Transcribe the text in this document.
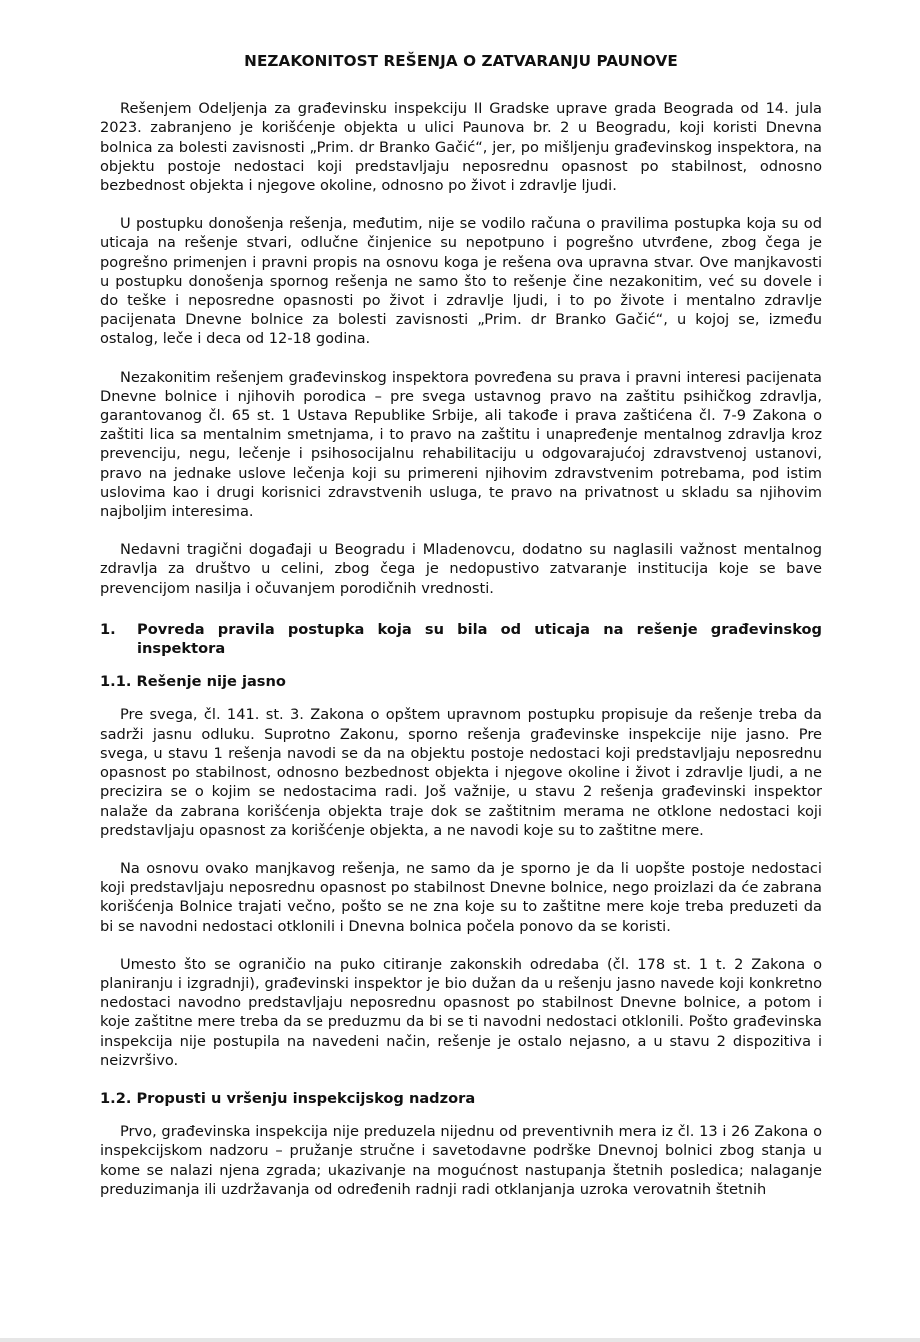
NEZAKONITOST REŠENJA O ZATVARANJU PAUNOVE
Rešenjem Odeljenja za građevinsku inspekciju II Gradske uprave grada Beograda od 14. jula 2023. zabranjeno je korišćenje objekta u ulici Paunova br. 2 u Beogradu, koji koristi Dnevna bolnica za bolesti zavisnosti „Prim. dr Branko Gačić“, jer, po mišljenju građevinskog inspektora, na objektu postoje nedostaci koji predstavljaju neposrednu opasnost po stabilnost, odnosno bezbednost objekta i njegove okoline, odnosno po život i zdravlje ljudi.
U postupku donošenja rešenja, međutim, nije se vodilo računa o pravilima postupka koja su od uticaja na rešenje stvari, odlučne činjenice su nepotpuno i pogrešno utvrđene, zbog čega je pogrešno primenjen i pravni propis na osnovu koga je rešena ova upravna stvar. Ove manjkavosti u postupku donošenja spornog rešenja ne samo što to rešenje čine nezakonitim, već su dovele i do teške i neposredne opasnosti po život i zdravlje ljudi, i to po živote i mentalno zdravlje pacijenata Dnevne bolnice za bolesti zavisnosti „Prim. dr Branko Gačić“, u kojoj se, između ostalog, leče i deca od 12-18 godina.
Nezakonitim rešenjem građevinskog inspektora povređena su prava i pravni interesi pacijenata Dnevne bolnice i njihovih porodica – pre svega ustavnog pravo na zaštitu psihičkog zdravlja, garantovanog čl. 65 st. 1 Ustava Republike Srbije, ali takođe i prava zaštićena čl. 7-9 Zakona o zaštiti lica sa mentalnim smetnjama, i to pravo na zaštitu i unapređenje mentalnog zdravlja kroz prevenciju, negu, lečenje i psihosocijalnu rehabilitaciju u odgovarajućoj zdravstvenoj ustanovi, pravo na jednake uslove lečenja koji su primereni njihovim zdravstvenim potrebama, pod istim uslovima kao i drugi korisnici zdravstvenih usluga, te pravo na privatnost u skladu sa njihovim najboljim interesima.
Nedavni tragični događaji u Beogradu i Mladenovcu, dodatno su naglasili važnost mentalnog zdravlja za društvo u celini, zbog čega je nedopustivo zatvaranje institucija koje se bave prevencijom nasilja i očuvanjem porodičnih vrednosti.
1.	Povreda pravila postupka koja su bila od uticaja na rešenje građevinskog inspektora
1.1. Rešenje nije jasno
Pre svega, čl. 141. st. 3. Zakona o opštem upravnom postupku propisuje da rešenje treba da sadrži jasnu odluku. Suprotno Zakonu, sporno rešenja građevinske inspekcije nije jasno. Pre svega, u stavu 1 rešenja navodi se da na objektu postoje nedostaci koji predstavljaju neposrednu opasnost po stabilnost, odnosno bezbednost objekta i njegove okoline i život i zdravlje ljudi, a ne precizira se o kojim se nedostacima radi. Još važnije, u stavu 2 rešenja građevinski inspektor nalaže da zabrana korišćenja objekta traje dok se zaštitnim merama ne otklone nedostaci koji predstavljaju opasnost za korišćenje objekta, a ne navodi koje su to zaštitne mere.
Na osnovu ovako manjkavog rešenja, ne samo da je sporno je da li uopšte postoje nedostaci koji predstavljaju neposrednu opasnost po stabilnost Dnevne bolnice, nego proizlazi da će zabrana korišćenja Bolnice trajati večno, pošto se ne zna koje su to zaštitne mere koje treba preduzeti da bi se navodni nedostaci otklonili i Dnevna bolnica počela ponovo da se koristi.
Umesto što se ograničio na puko citiranje zakonskih odredaba (čl. 178 st. 1 t. 2 Zakona o planiranju i izgradnji), građevinski inspektor je bio dužan da u rešenju jasno navede koji konkretno nedostaci navodno predstavljaju neposrednu opasnost po stabilnost Dnevne bolnice, a potom i koje zaštitne mere treba da se preduzmu da bi se ti navodni nedostaci otklonili. Pošto građevinska inspekcija nije postupila na navedeni način, rešenje je ostalo nejasno, a u stavu 2 dispozitiva i neizvršivo.
1.2. Propusti u vršenju inspekcijskog nadzora
Prvo, građevinska inspekcija nije preduzela nijednu od preventivnih mera iz čl. 13 i 26 Zakona o inspekcijskom nadzoru – pružanje stručne i savetodavne podrške Dnevnoj bolnici zbog stanja u kome se nalazi njena zgrada; ukazivanje na mogućnost nastupanja štetnih posledica; nalaganje preduzimanja ili uzdržavanja od određenih radnji radi otklanjanja uzroka verovatnih štetnih
